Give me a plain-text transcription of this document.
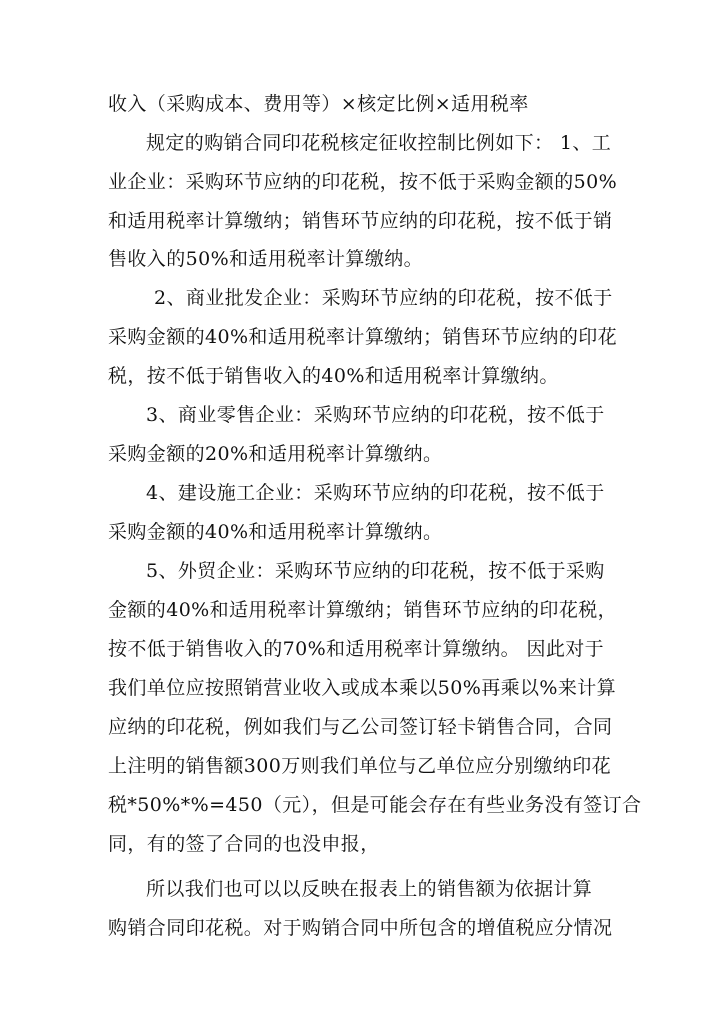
收入（采购成本、费用等）×核定比例×适用税率
规定的购销合同印花税核定征收控制比例如下： 1、工
业企业：采购环节应纳的印花税，按不低于采购金额的50%
和适用税率计算缴纳；销售环节应纳的印花税，按不低于销
售收入的50%和适用税率计算缴纳。
2、商业批发企业：采购环节应纳的印花税，按不低于
采购金额的40%和适用税率计算缴纳；销售环节应纳的印花
税，按不低于销售收入的40%和适用税率计算缴纳。
3、商业零售企业：采购环节应纳的印花税，按不低于
采购金额的20%和适用税率计算缴纳。
4、建设施工企业：采购环节应纳的印花税，按不低于
采购金额的40%和适用税率计算缴纳。
5、外贸企业：采购环节应纳的印花税，按不低于采购
金额的40%和适用税率计算缴纳；销售环节应纳的印花税，
按不低于销售收入的70%和适用税率计算缴纳。 因此对于
我们单位应按照销营业收入或成本乘以50%再乘以%来计算
应纳的印花税，例如我们与乙公司签订轻卡销售合同，合同
上注明的销售额300万则我们单位与乙单位应分别缴纳印花
税*50%*%=450（元），但是可能会存在有些业务没有签订合
同，有的签了合同的也没申报，
所以我们也可以以反映在报表上的销售额为依据计算
购销合同印花税。对于购销合同中所包含的增值税应分情况
